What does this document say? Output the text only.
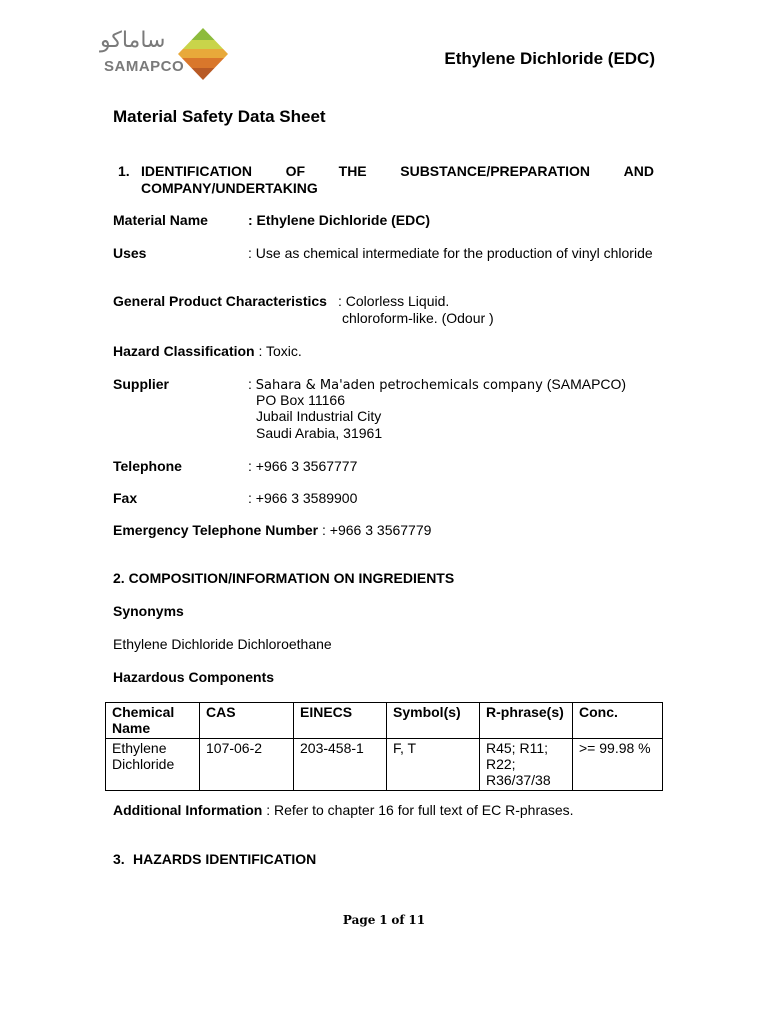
ساماكو
SAMAPCO	Ethylene Dichloride (EDC)
Material Safety Data Sheet
1. IDENTIFICATION OF THE SUBSTANCE/PREPARATION AND
COMPANY/UNDERTAKING
Material Name	: Ethylene Dichloride (EDC)
Uses	: Use as chemical intermediate for the production of vinyl chloride
General Product Characteristics : Colorless Liquid.
chloroform-like. (Odour )
Hazard Classification : Toxic.
Supplier	: Sahara & Ma'aden petrochemicals company (SAMAPCO)
PO Box 11166
Jubail Industrial City
Saudi Arabia, 31961
Telephone	: +966 3 3567777
Fax	: +966 3 3589900
Emergency Telephone Number : +966 3 3567779
2. COMPOSITION/INFORMATION ON INGREDIENTS
Synonyms
Ethylene Dichloride Dichloroethane
Hazardous Components
Chemical Name	CAS	EINECS	Symbol(s)	R-phrase(s)	Conc.
Ethylene Dichloride	107-06-2	203-458-1	F, T	R45; R11; R22; R36/37/38	>= 99.98 %
Additional Information : Refer to chapter 16 for full text of EC R-phrases.
3. HAZARDS IDENTIFICATION
Page 1 of 11
